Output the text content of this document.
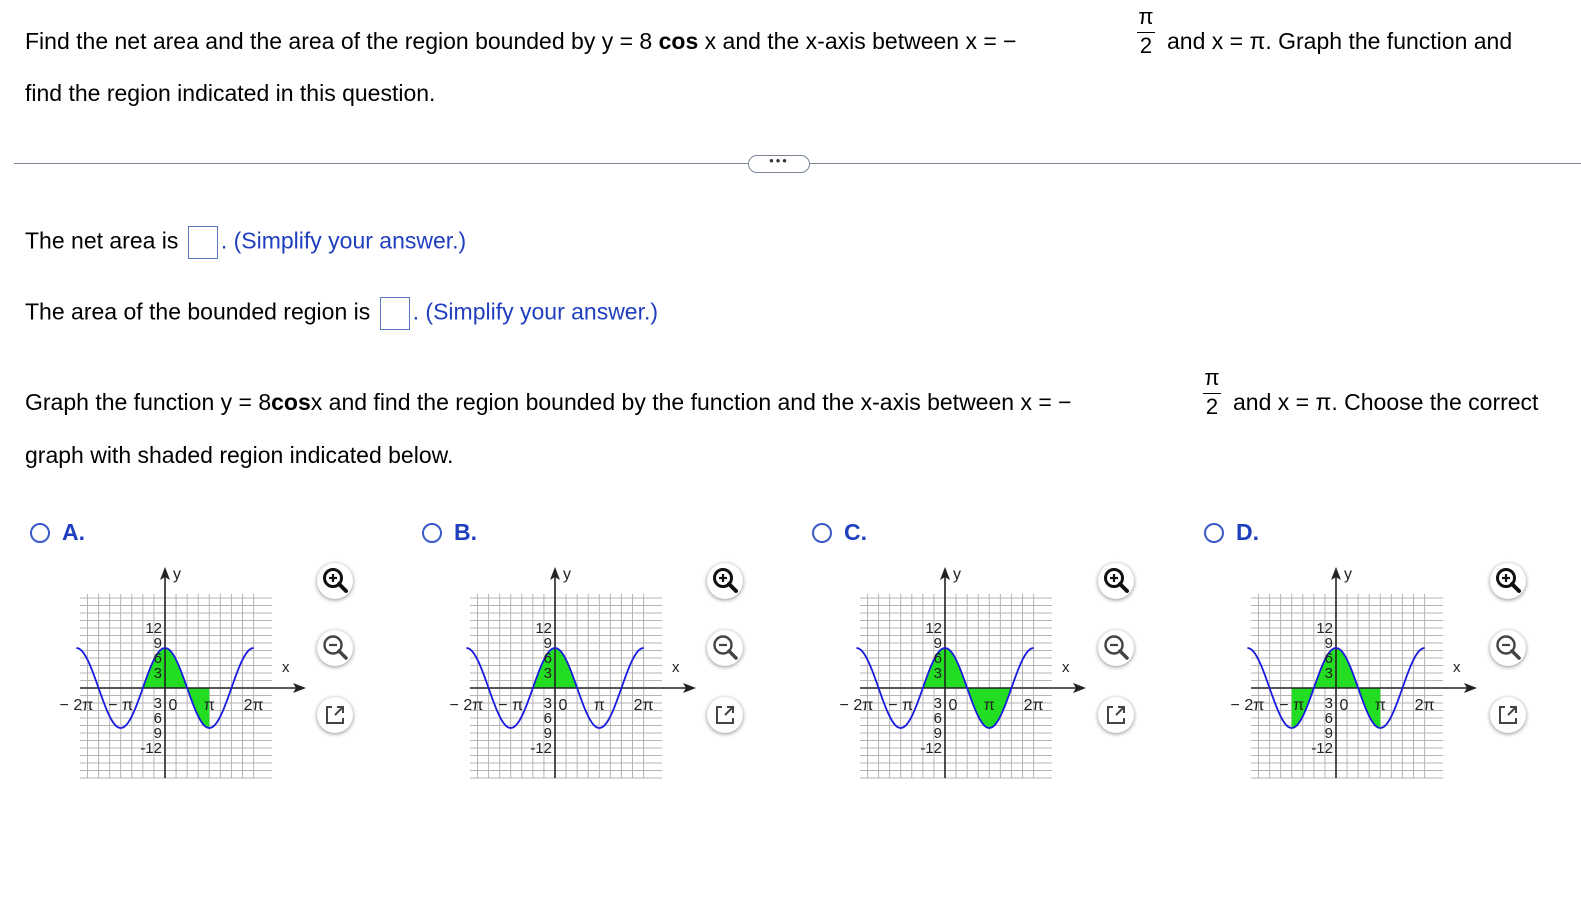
Find the net area and the area of the region bounded by y = 8 cos x and the x-axis between x = −
π
2 and x = π. Graph the function and
find the region indicated in this question.
•••
The net area is . (Simplify your answer.)
The area of the bounded region is . (Simplify your answer.)
Graph the function y = 8cosx and find the region bounded by the function and the x-axis between x = −
π
2 and x = π. Choose the correct
graph with shaded region indicated below.
A.	B.	C.	D.
y
x
12
9
6
3
3
6
9
-12
− 2π − π 0 π 2π
y
x
12
9
6
3
3
6
9
-12
− 2π − π 0 π 2π
y
x
12
9
6
3
3
6
9
-12
− 2π − π 0 π 2π
y
x
12
9
6
3
3
6
9
-12
− 2π − π 0 π 2π
